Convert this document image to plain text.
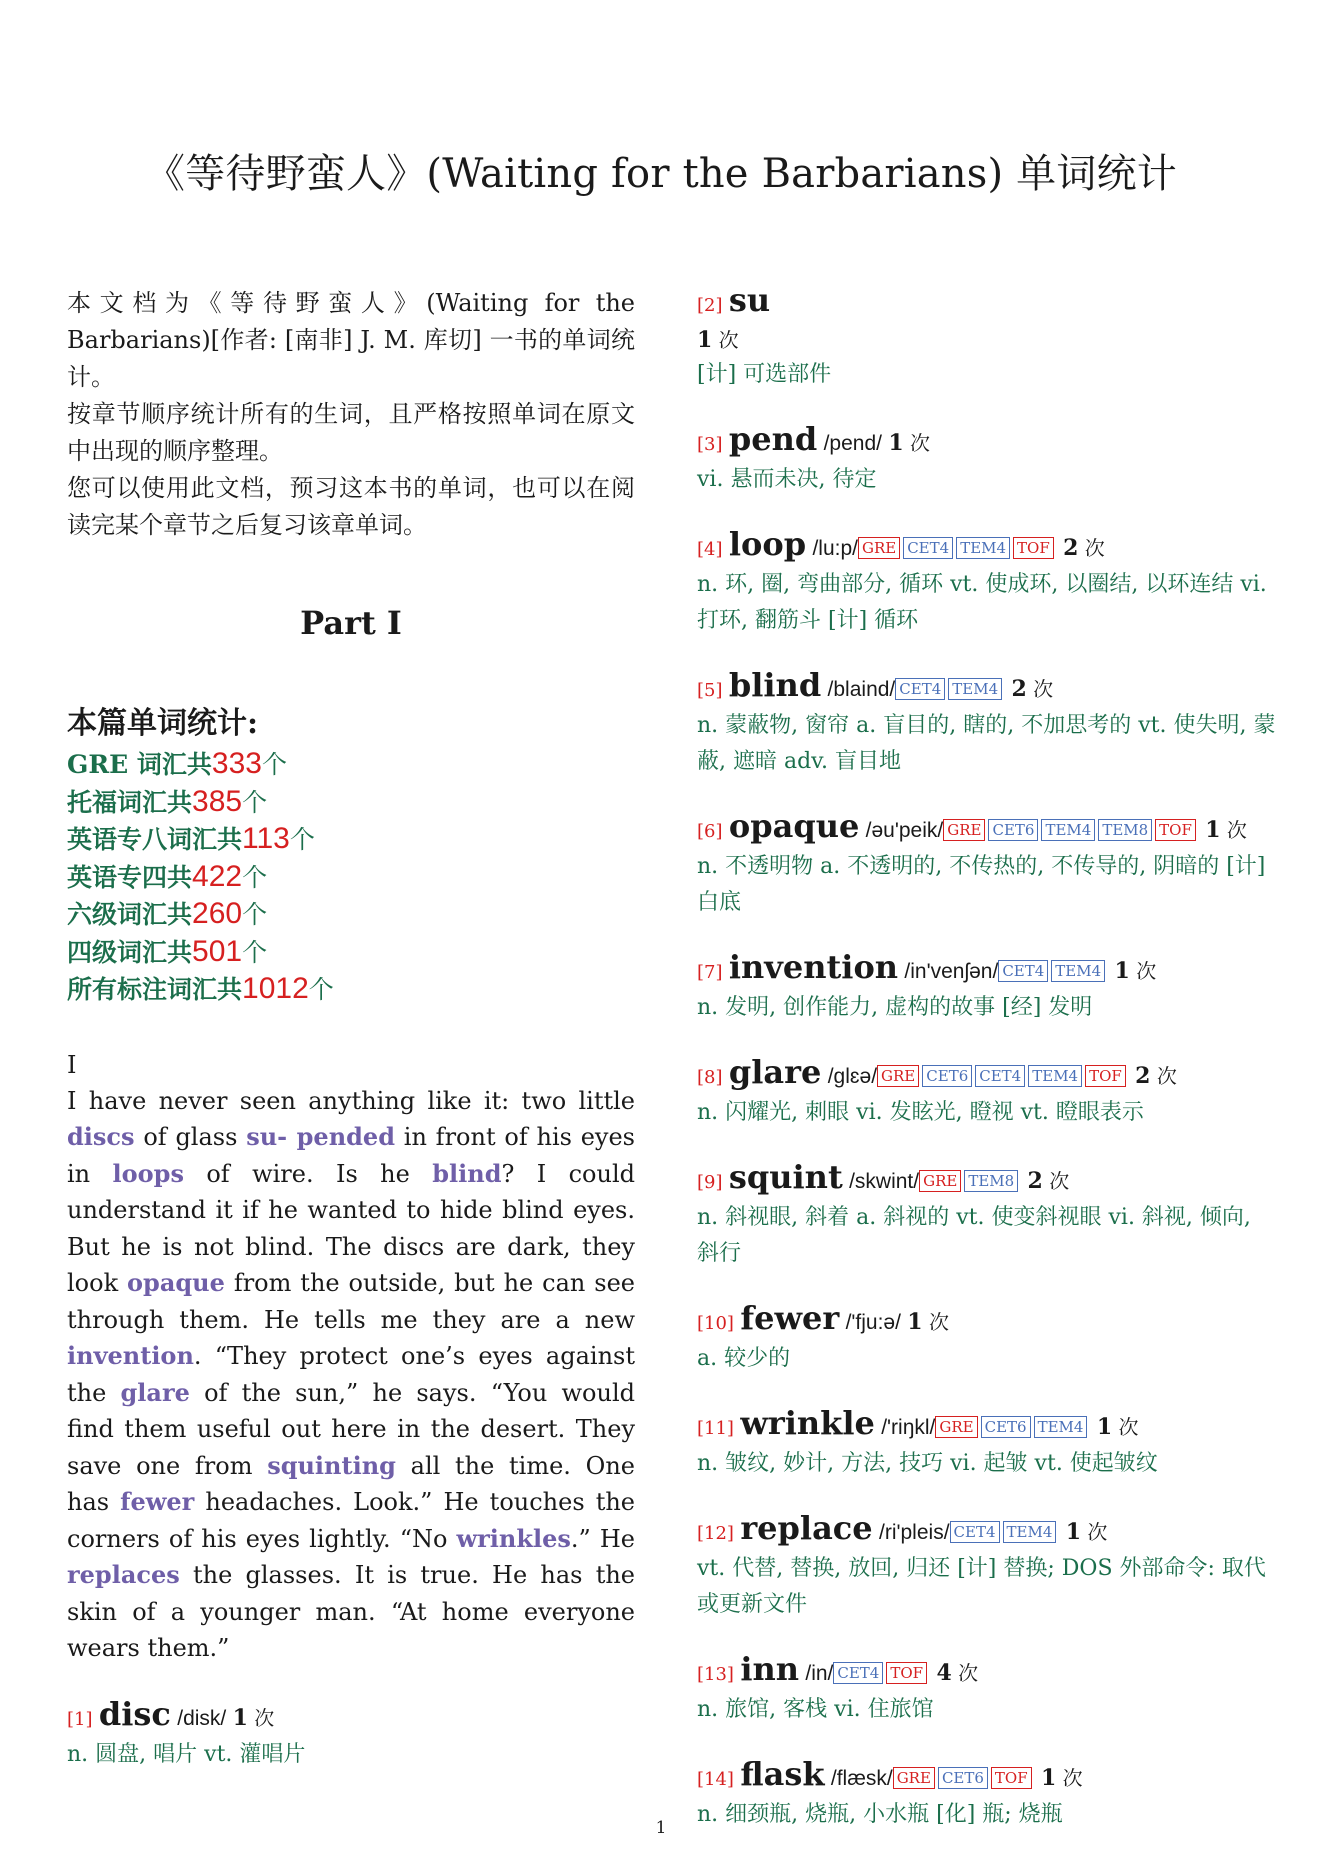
《等待野蛮人》(Waiting for the Barbarians) 单词统计

本文档为《等待野蛮人》(Waiting for the Barbarians)[作者: [南非] J. M. 库切] 一书的单词统计。

按章节顺序统计所有的生词，且严格按照单词在原文中出现的顺序整理。

您可以使用此文档，预习这本书的单词，也可以在阅读完某个章节之后复习该章单词。

Part I
本篇单词统计:
GRE 词汇共333个
托福词汇共385个
英语专八词汇共113个
英语专四共422个
六级词汇共260个
四级词汇共501个
所有标注词汇共1012个
I

I have never seen anything like it: two little discs of glass su- pended in front of his eyes in loops of wire. Is he blind? I could understand it if he wanted to hide blind eyes. But he is not blind. The discs are dark, they look opaque from the outside, but he can see through them. He tells me they are a new invention. “They protect one’s eyes against the glare of the sun,” he says. “You would find them useful out here in the desert. They save one from squinting all the time. One has fewer headaches. Look.” He touches the corners of his eyes lightly. “No wrinkles.” He replaces the glasses. It is true. He has the skin of a younger man. “At home everyone wears them.”

[1] disc /disk/ 1 次
n. 圆盘, 唱片 vt. 灌唱片
[2] su
1 次
[计] 可选部件
[3] pend /pend/ 1 次
vi. 悬而未决, 待定
[4] loop /lu:p/ GRE CET4 TEM4 TOF 2 次
n. 环, 圈, 弯曲部分, 循环 vt. 使成环, 以圈结, 以环连结 vi. 打环, 翻筋斗 [计] 循环
[5] blind /blaind/ CET4 TEM4 2 次
n. 蒙蔽物, 窗帘 a. 盲目的, 瞎的, 不加思考的 vt. 使失明, 蒙蔽, 遮暗 adv. 盲目地
[6] opaque /əu'peik/ GRE CET6 TEM4 TEM8 TOF 1 次
n. 不透明物 a. 不透明的, 不传热的, 不传导的, 阴暗的 [计] 白底
[7] invention /in'venʃən/ CET4 TEM4 1 次
n. 发明, 创作能力, 虚构的故事 [经] 发明
[8] glare /glɛə/ GRE CET6 CET4 TEM4 TOF 2 次
n. 闪耀光, 刺眼 vi. 发眩光, 瞪视 vt. 瞪眼表示
[9] squint /skwint/ GRE TEM8 2 次
n. 斜视眼, 斜着 a. 斜视的 vt. 使变斜视眼 vi. 斜视, 倾向, 斜行
[10] fewer /'fju:ə/ 1 次
a. 较少的
[11] wrinkle /'riŋkl/ GRE CET6 TEM4 1 次
n. 皱纹, 妙计, 方法, 技巧 vi. 起皱 vt. 使起皱纹
[12] replace /ri'pleis/ CET4 TEM4 1 次
vt. 代替, 替换, 放回, 归还 [计] 替换; DOS 外部命令: 取代或更新文件
[13] inn /in/ CET4 TOF 4 次
n. 旅馆, 客栈 vi. 住旅馆
[14] flask /flæsk/ GRE CET6 TOF 1 次
n. 细颈瓶, 烧瓶, 小水瓶 [化] 瓶; 烧瓶
1
